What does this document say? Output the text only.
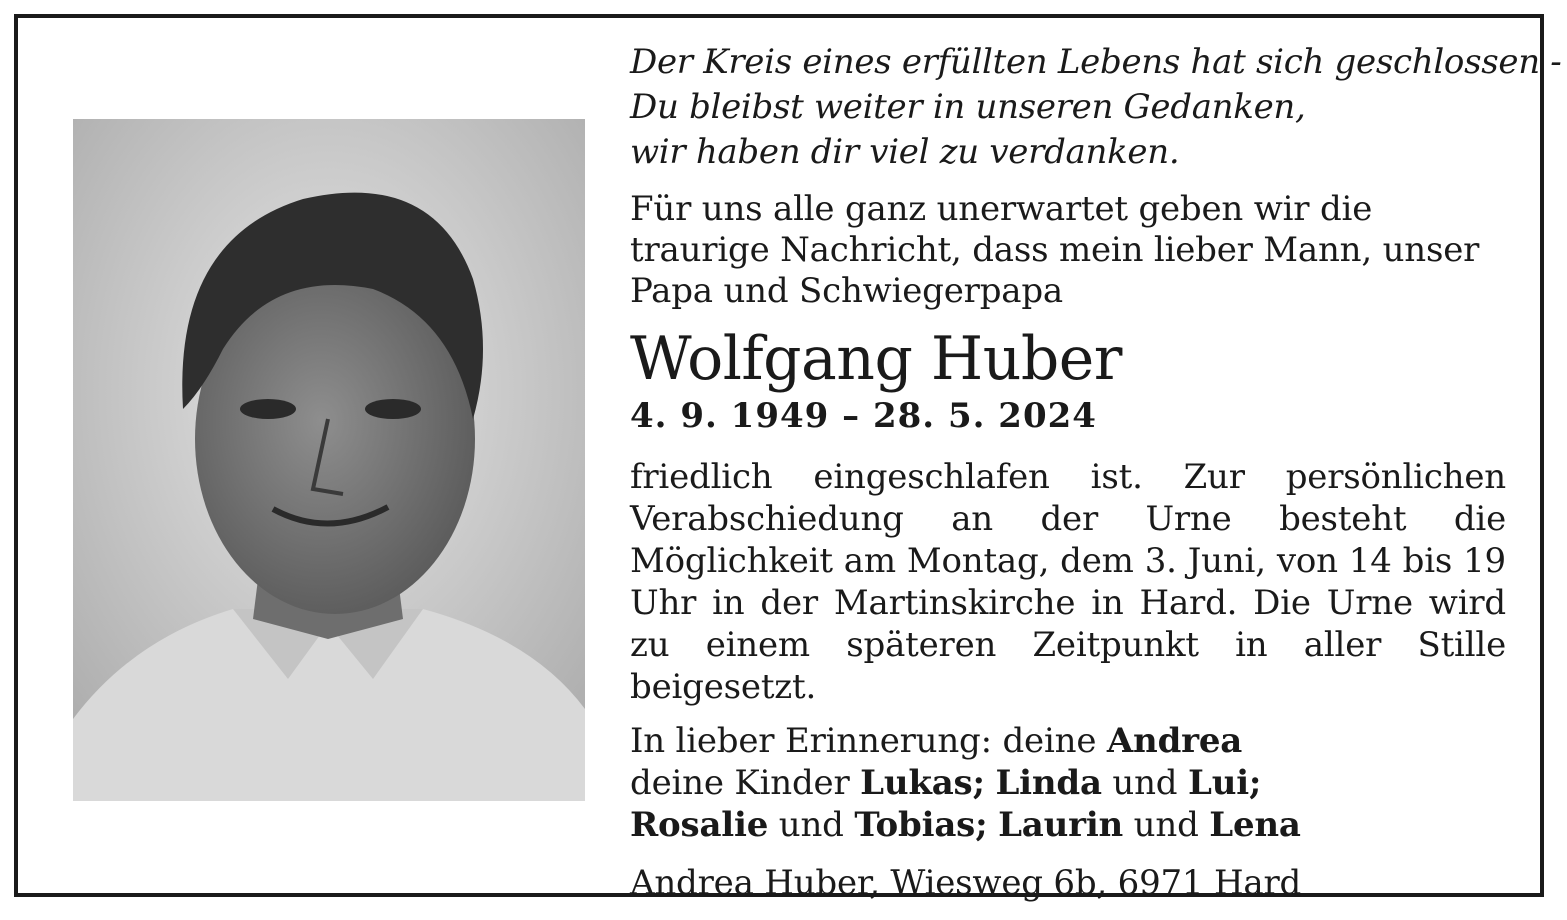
Der Kreis eines erfüllten Lebens hat sich geschlossen -
Du bleibst weiter in unseren Gedanken,
wir haben dir viel zu verdanken.

Für uns alle ganz unerwartet geben wir die traurige Nachricht, dass mein lieber Mann, unser Papa und Schwiegerpapa

Wolfgang Huber

4. 9. 1949 – 28. 5. 2024

friedlich eingeschlafen ist. Zur persönlichen Verabschiedung an der Urne besteht die Möglichkeit am Montag, dem 3. Juni, von 14 bis 19 Uhr in der Martinskirche in Hard. Die Urne wird zu einem späteren Zeitpunkt in aller Stille beigesetzt.

In lieber Erinnerung: deine Andrea
deine Kinder Lukas; Linda und Lui;
Rosalie und Tobias; Laurin und Lena

Andrea Huber, Wiesweg 6b, 6971 Hard
